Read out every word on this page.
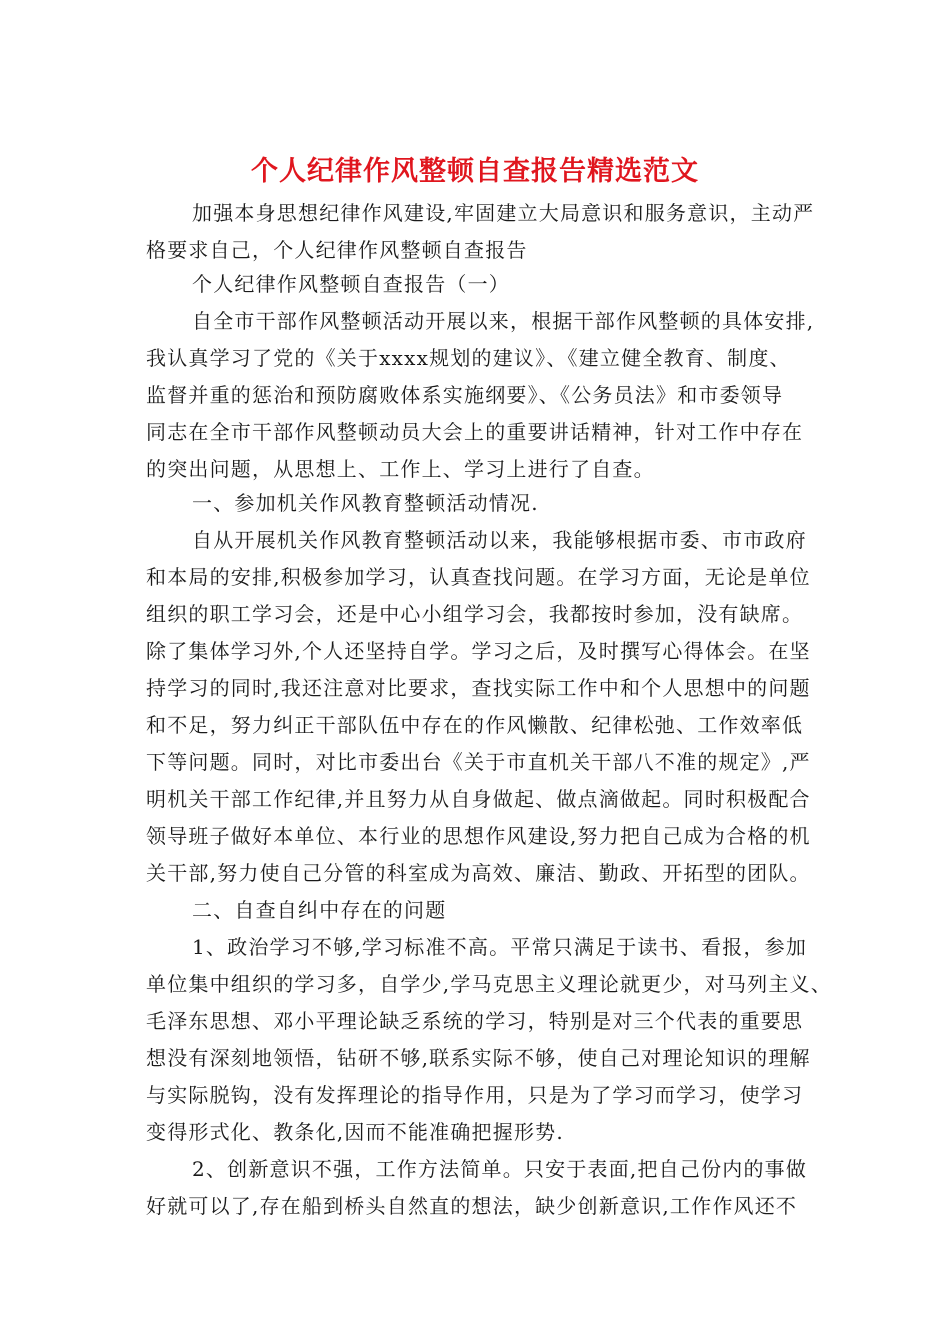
个人纪律作风整顿自查报告精选范文
加强本身思想纪律作风建设,牢固建立大局意识和服务意识，主动严
格要求自己，个人纪律作风整顿自查报告
个人纪律作风整顿自查报告（一）
自全市干部作风整顿活动开展以来，根据干部作风整顿的具体安排,
我认真学习了党的《关于xxxx规划的建议》、《建立健全教育、制度、
监督并重的惩治和预防腐败体系实施纲要》、《公务员法》和市委领导
同志在全市干部作风整顿动员大会上的重要讲话精神，针对工作中存在
的突出问题，从思想上、工作上、学习上进行了自查。
一、参加机关作风教育整顿活动情况.
自从开展机关作风教育整顿活动以来，我能够根据市委、市市政府
和本局的安排,积极参加学习，认真查找问题。在学习方面，无论是单位
组织的职工学习会，还是中心小组学习会，我都按时参加，没有缺席。
除了集体学习外,个人还坚持自学。学习之后，及时撰写心得体会。在坚
持学习的同时,我还注意对比要求，查找实际工作中和个人思想中的问题
和不足，努力纠正干部队伍中存在的作风懒散、纪律松弛、工作效率低
下等问题。同时，对比市委出台《关于市直机关干部八不准的规定》,严
明机关干部工作纪律,并且努力从自身做起、做点滴做起。同时积极配合
领导班子做好本单位、本行业的思想作风建设,努力把自己成为合格的机
关干部,努力使自己分管的科室成为高效、廉洁、勤政、开拓型的团队。
二、自查自纠中存在的问题
1、政治学习不够,学习标准不高。平常只满足于读书、看报，参加
单位集中组织的学习多，自学少,学马克思主义理论就更少，对马列主义、
毛泽东思想、邓小平理论缺乏系统的学习，特别是对三个代表的重要思
想没有深刻地领悟，钻研不够,联系实际不够，使自己对理论知识的理解
与实际脱钩，没有发挥理论的指导作用，只是为了学习而学习，使学习
变得形式化、教条化,因而不能准确把握形势.
2、创新意识不强，工作方法简单。只安于表面,把自己份内的事做
好就可以了,存在船到桥头自然直的想法，缺少创新意识,工作作风还不
